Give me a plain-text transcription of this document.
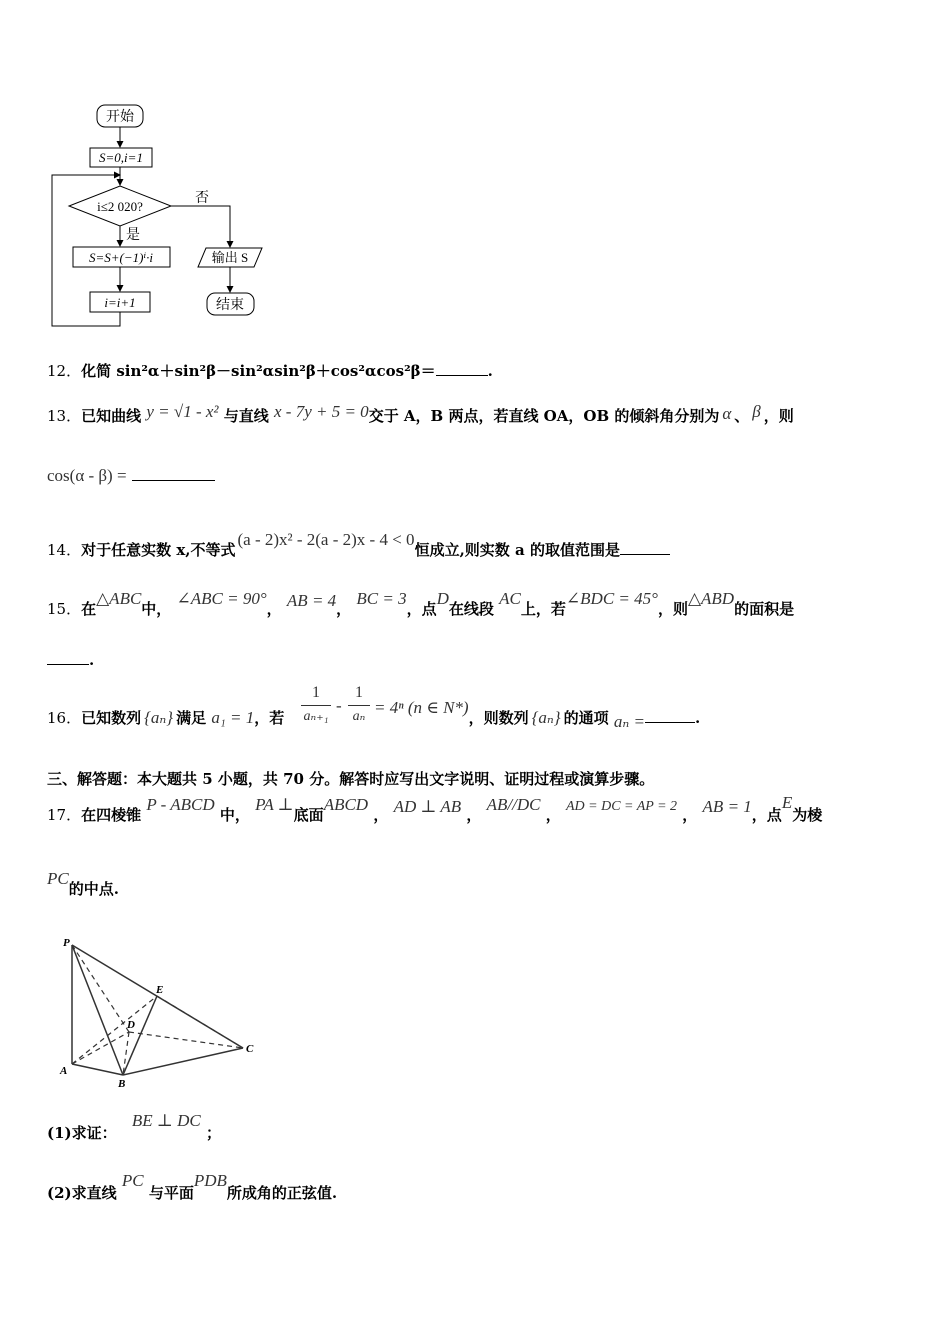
开始
S=0,i=1
i≤2 020?
否
是
S=S+(−1)ⁱ·i
i=i+1
输出 S
结束
12．化简 sin²α＋sin²β－sin²αsin²β＋cos²αcos²β＝	.
13．已知曲线 y = √1 - x² 与直线 x - 7y + 5 = 0交于 A，B 两点，若直线 OA，OB 的倾斜角分别为 α 、 β ，则
cos(α - β) =
14．对于任意实数 x,不等式(a - 2)x² - 2(a - 2)x - 4 < 0恒成立,则实数 a 的取值范围是
15．在△ABC中， ∠ABC = 90°， AB = 4， BC = 3，点D在线段 AC上，若∠BDC = 45°，则△ABD的面积是
.
16．已知数列 {aₙ} 满足 a₁ = 1，若
1
aₙ₊₁
-
1
aₙ = 4ⁿ (n ∈ N*)，则数列 {aₙ} 的通项 aₙ =	.
三、解答题：本大题共 5 小题，共 70 分。解答时应写出文字说明、证明过程或演算步骤。
17．在四棱锥 P - ABCD 中， PA ⊥底面ABCD ， AD ⊥ AB ， AB//DC ， AD = DC = AP = 2 ， AB = 1，点E为棱
PC的中点.
P
E
D
C
A
B
(1)求证： BE ⊥ DC ；
(2)求直线 PC 与平面PDB所成角的正弦值.
